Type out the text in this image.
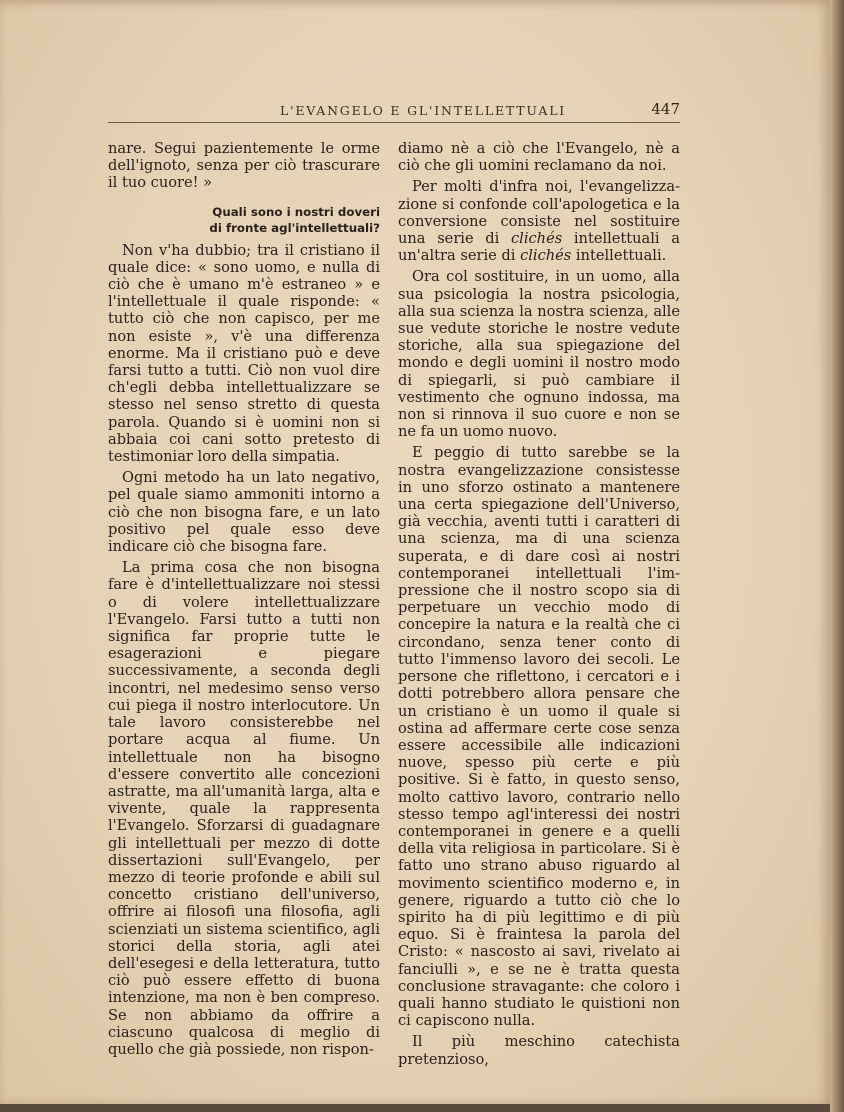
L'EVANGELO E GL'INTELLETTUALI	447

nare. Segui pazientemente le orme dell'ignoto, senza per ciò trascurare il tuo cuore! »

Quali sono i nostri doveri
di fronte agl'intellettuali?

Non v'ha dubbio; tra il cristiano il quale dice: « sono uomo, e nulla di ciò che è umano m'è estraneo » e l'intellettuale il quale risponde: « tutto ciò che non capisco, per me non esiste », v'è una differenza enorme. Ma il cristiano può e deve farsi tutto a tutti. Ciò non vuol dire ch'egli debba intellettualizzare se stesso nel senso stretto di questa parola. Quando si è uomini non si abbaia coi cani sotto pretesto di testimoniar loro della simpatia.

Ogni metodo ha un lato negativo, pel quale siamo ammoniti intorno a ciò che non bisogna fare, e un lato positivo pel quale esso deve indicare ciò che bisogna fare.

La prima cosa che non bisogna fare è d'intellettualizzare noi stessi o di volere intellettualizzare l'Evangelo. Farsi tutto a tutti non significa far proprie tutte le esagerazioni e piegare successivamente, a seconda degli incontri, nel medesimo senso verso cui piega il nostro interlocutore. Un tale lavoro consisterebbe nel portare acqua al fiume. Un intellettuale non ha bisogno d'essere convertito alle concezioni astratte, ma all'umanità larga, alta e vivente, quale la rappresenta l'Evangelo. Sforzarsi di guadagnare gli intellettuali per mezzo di dotte dissertazioni sull'Evangelo, per mezzo di teorie profonde e abili sul concetto cristiano dell'universo, offrire ai filosofi una filosofia, agli scienziati un sistema scientifico, agli storici della storia, agli atei dell'esegesi e della letteratura, tutto ciò può essere effetto di buona intenzione, ma non è ben compreso. Se non abbiamo da offrire a ciascuno qualcosa di meglio di quello che già possiede, non rispon-

diamo nè a ciò che l'Evangelo, nè a ciò che gli uomini reclamano da noi.

Per molti d'infra noi, l'evangelizzazione si confonde coll'apologetica e la conversione consiste nel sostituire una serie di clichés intellettuali a un'altra serie di clichés intellettuali.

Ora col sostituire, in un uomo, alla sua psicologia la nostra psicologia, alla sua scienza la nostra scienza, alle sue vedute storiche le nostre vedute storiche, alla sua spiegazione del mondo e degli uomini il nostro modo di spiegarli, si può cambiare il vestimento che ognuno indossa, ma non si rinnova il suo cuore e non se ne fa un uomo nuovo.

E peggio di tutto sarebbe se la nostra evangelizzazione consistesse in uno sforzo ostinato a mantenere una certa spiegazione dell'Universo, già vecchia, aventi tutti i caratteri di una scienza, ma di una scienza superata, e di dare così ai nostri contemporanei intellettuali l'impressione che il nostro scopo sia di perpetuare un vecchio modo di concepire la natura e la realtà che ci circondano, senza tener conto di tutto l'immenso lavoro dei secoli. Le persone che riflettono, i cercatori e i dotti potrebbero allora pensare che un cristiano è un uomo il quale si ostina ad affermare certe cose senza essere accessibile alle indicazioni nuove, spesso più certe e più positive. Si è fatto, in questo senso, molto cattivo lavoro, contrario nello stesso tempo agl'interessi dei nostri contemporanei in genere e a quelli della vita religiosa in particolare. Si è fatto uno strano abuso riguardo al movimento scientifico moderno e, in genere, riguardo a tutto ciò che lo spirito ha di più legittimo e di più equo. Si è fraintesa la parola del Cristo: « nascosto ai savi, rivelato ai fanciulli », e se ne è tratta questa conclusione stravagante: che coloro i quali hanno studiato le quistioni non ci capiscono nulla.

Il più meschino catechista pretenzioso,
